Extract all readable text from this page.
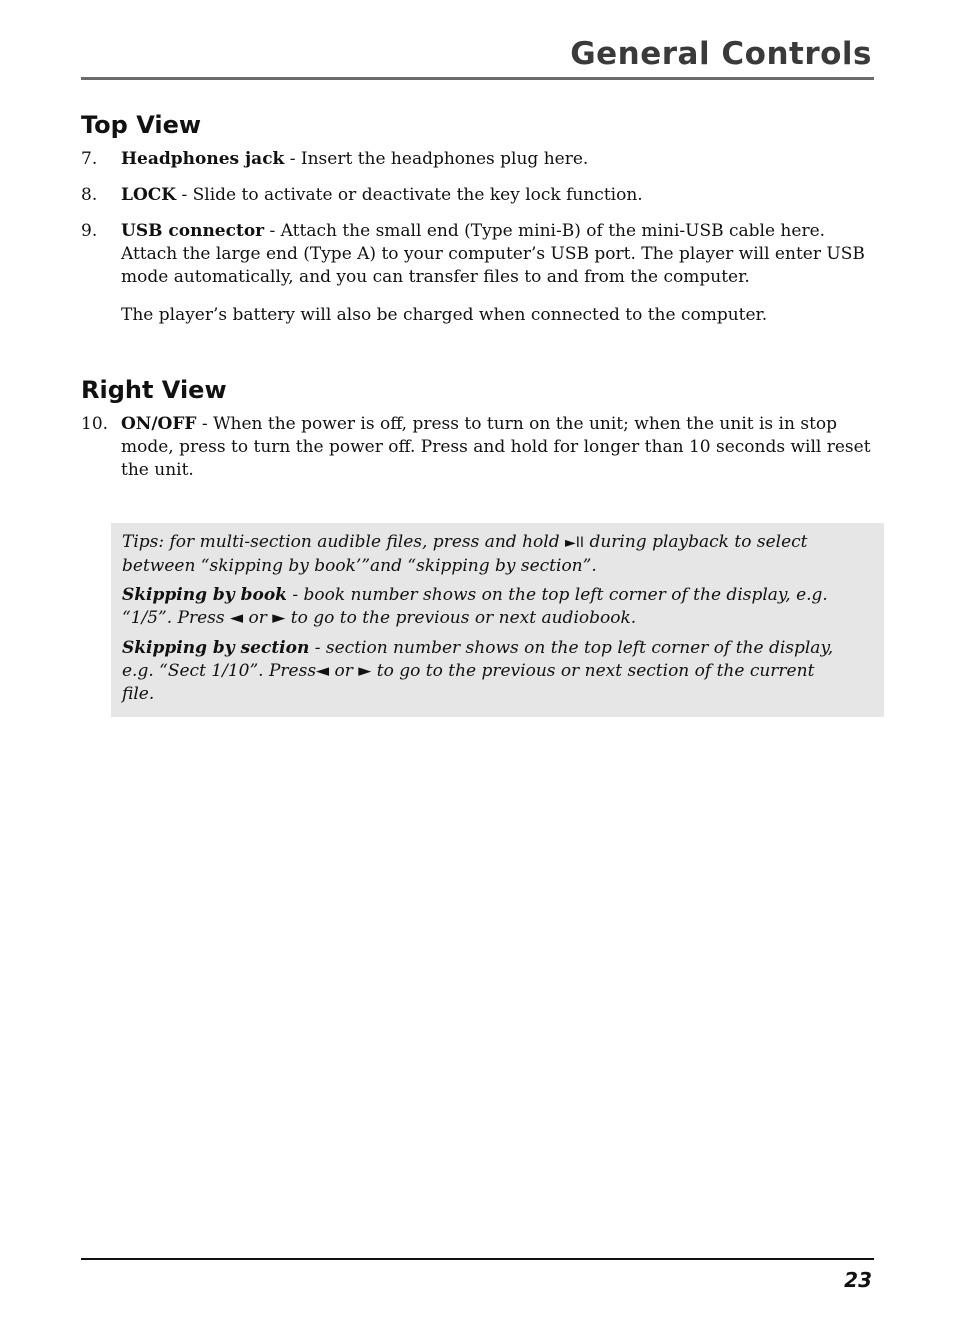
General Controls
Top View
7. Headphones jack - Insert the headphones plug here.
8. LOCK - Slide to activate or deactivate the key lock function.
9. USB connector - Attach the small end (Type mini-B) of the mini-USB cable here. Attach the large end (Type A) to your computer’s USB port. The player will enter USB mode automatically, and you can transfer files to and from the computer.
The player’s battery will also be charged when connected to the computer.
Right View
10. ON/OFF - When the power is off, press to turn on the unit; when the unit is in stop mode, press to turn the power off. Press and hold for longer than 10 seconds will reset the unit.
Tips: for multi-section audible files, press and hold ►II during playback to select between “skipping by book’”and “skipping by section”.
Skipping by book - book number shows on the top left corner of the display, e.g. “1/5”. Press ◄ or ► to go to the previous or next audiobook.
Skipping by section - section number shows on the top left corner of the display, e.g. “Sect 1/10”. Press◄ or ► to go to the previous or next section of the current file.
23
